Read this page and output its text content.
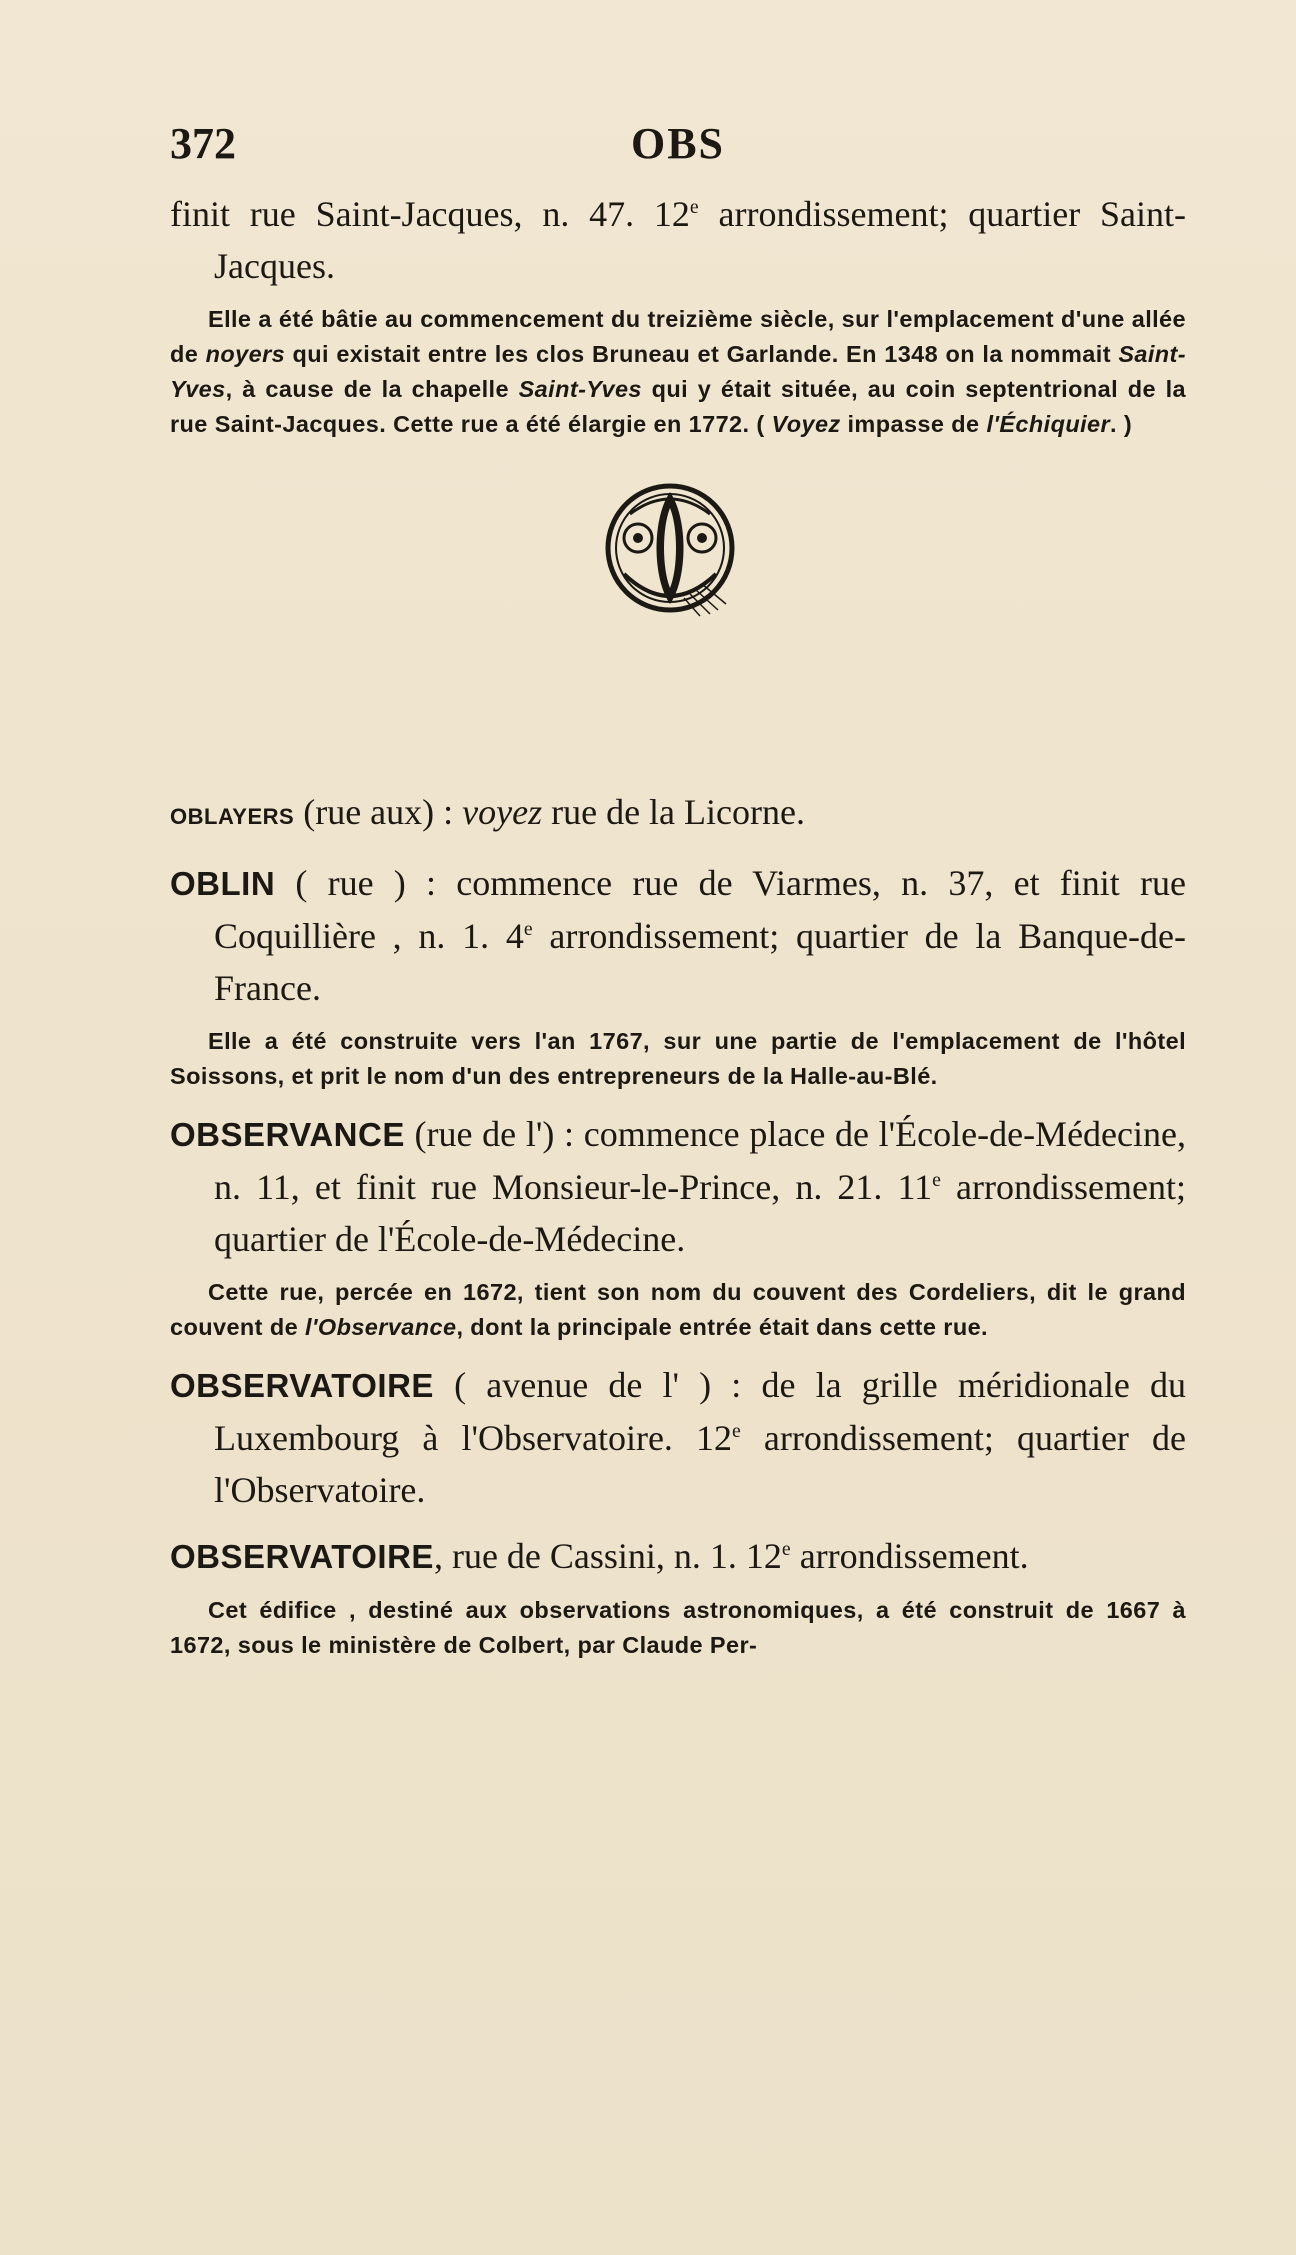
372	OBS

finit rue Saint-Jacques, n. 47. 12e arrondissement; quartier Saint-Jacques.

Elle a été bâtie au commencement du treizième siècle, sur l'emplacement d'une allée de noyers qui existait entre les clos Bruneau et Garlande. En 1348 on la nommait Saint-Yves, à cause de la chapelle Saint-Yves qui y était située, au coin septentrional de la rue Saint-Jacques. Cette rue a été élargie en 1772. ( Voyez impasse de l'Échiquier. )

OBLAYERS (rue aux) : voyez rue de la Licorne.

OBLIN ( rue ) : commence rue de Viarmes, n. 37, et finit rue Coquillière , n. 1. 4e arrondissement; quartier de la Banque-de-France.

Elle a été construite vers l'an 1767, sur une partie de l'emplacement de l'hôtel Soissons, et prit le nom d'un des entrepreneurs de la Halle-au-Blé.

OBSERVANCE (rue de l') : commence place de l'École-de-Médecine, n. 11, et finit rue Monsieur-le-Prince, n. 21. 11e arrondissement; quartier de l'École-de-Médecine.

Cette rue, percée en 1672, tient son nom du couvent des Cordeliers, dit le grand couvent de l'Observance, dont la principale entrée était dans cette rue.

OBSERVATOIRE ( avenue de l' ) : de la grille méridionale du Luxembourg à l'Observatoire. 12e arrondissement; quartier de l'Observatoire.

OBSERVATOIRE, rue de Cassini, n. 1. 12e arrondissement.

Cet édifice , destiné aux observations astronomiques, a été construit de 1667 à 1672, sous le ministère de Colbert, par Claude Per-
